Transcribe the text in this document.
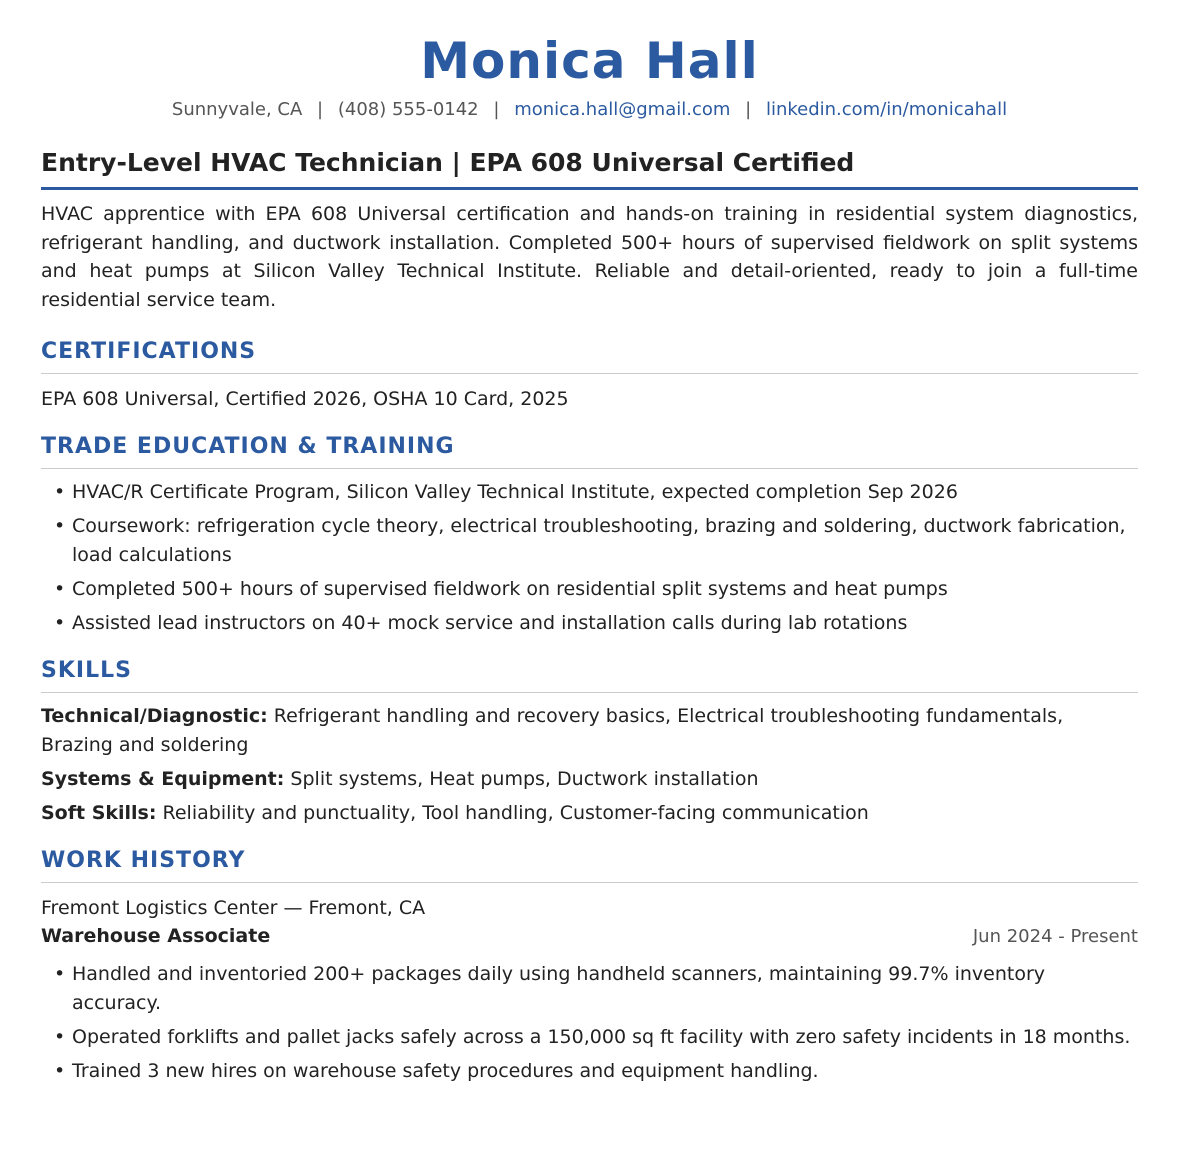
Monica Hall
Sunnyvale, CA | (408) 555-0142 | monica.hall@gmail.com | linkedin.com/in/monicahall
Entry-Level HVAC Technician | EPA 608 Universal Certified

HVAC apprentice with EPA 608 Universal certification and hands-on training in residential system diagnostics, refrigerant handling, and ductwork installation. Completed 500+ hours of supervised fieldwork on split systems and heat pumps at Silicon Valley Technical Institute. Reliable and detail-oriented, ready to join a full-time residential service team.

CERTIFICATIONS

EPA 608 Universal, Certified 2026, OSHA 10 Card, 2025

TRADE EDUCATION & TRAINING
• HVAC/R Certificate Program, Silicon Valley Technical Institute, expected completion Sep 2026
• Coursework: refrigeration cycle theory, electrical troubleshooting, brazing and soldering, ductwork fabrication, load calculations
• Completed 500+ hours of supervised fieldwork on residential split systems and heat pumps
• Assisted lead instructors on 40+ mock service and installation calls during lab rotations
SKILLS
Technical/Diagnostic: Refrigerant handling and recovery basics, Electrical troubleshooting fundamentals, Brazing and soldering
Systems & Equipment: Split systems, Heat pumps, Ductwork installation
Soft Skills: Reliability and punctuality, Tool handling, Customer-facing communication
WORK HISTORY
Fremont Logistics Center — Fremont, CA
Warehouse Associate	Jun 2024 - Present
• Handled and inventoried 200+ packages daily using handheld scanners, maintaining 99.7% inventory accuracy.
• Operated forklifts and pallet jacks safely across a 150,000 sq ft facility with zero safety incidents in 18 months.
• Trained 3 new hires on warehouse safety procedures and equipment handling.
